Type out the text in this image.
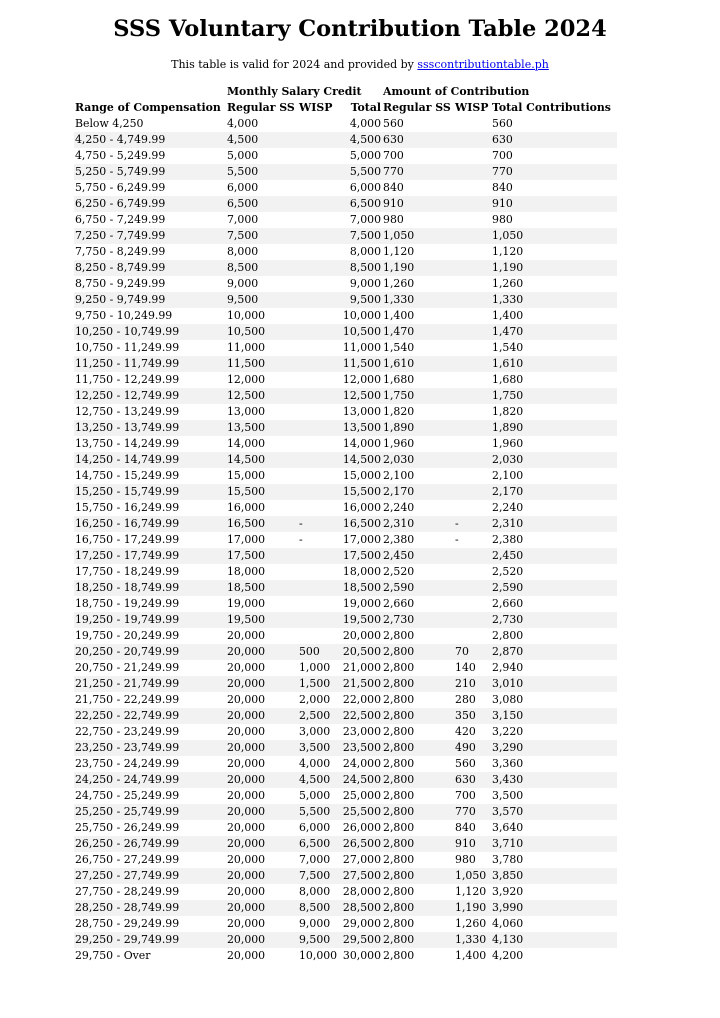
SSS Voluntary Contribution Table 2024
This table is valid for 2024 and provided by ssscontributiontable.ph
	Monthly Salary Credit			Amount of Contribution		
Range of Compensation	Regular SS	WISP	Total	Regular SS	WISP	Total Contributions
Below 4,250	4,000		4,000	560		560
4,250 - 4,749.99	4,500		4,500	630		630
4,750 - 5,249.99	5,000		5,000	700		700
5,250 - 5,749.99	5,500		5,500	770		770
5,750 - 6,249.99	6,000		6,000	840		840
6,250 - 6,749.99	6,500		6,500	910		910
6,750 - 7,249.99	7,000		7,000	980		980
7,250 - 7,749.99	7,500		7,500	1,050		1,050
7,750 - 8,249.99	8,000		8,000	1,120		1,120
8,250 - 8,749.99	8,500		8,500	1,190		1,190
8,750 - 9,249.99	9,000		9,000	1,260		1,260
9,250 - 9,749.99	9,500		9,500	1,330		1,330
9,750 - 10,249.99	10,000		10,000	1,400		1,400
10,250 - 10,749.99	10,500		10,500	1,470		1,470
10,750 - 11,249.99	11,000		11,000	1,540		1,540
11,250 - 11,749.99	11,500		11,500	1,610		1,610
11,750 - 12,249.99	12,000		12,000	1,680		1,680
12,250 - 12,749.99	12,500		12,500	1,750		1,750
12,750 - 13,249.99	13,000		13,000	1,820		1,820
13,250 - 13,749.99	13,500		13,500	1,890		1,890
13,750 - 14,249.99	14,000		14,000	1,960		1,960
14,250 - 14,749.99	14,500		14,500	2,030		2,030
14,750 - 15,249.99	15,000		15,000	2,100		2,100
15,250 - 15,749.99	15,500		15,500	2,170		2,170
15,750 - 16,249.99	16,000		16,000	2,240		2,240
16,250 - 16,749.99	16,500	-	16,500	2,310	-	2,310
16,750 - 17,249.99	17,000	-	17,000	2,380	-	2,380
17,250 - 17,749.99	17,500		17,500	2,450		2,450
17,750 - 18,249.99	18,000		18,000	2,520		2,520
18,250 - 18,749.99	18,500		18,500	2,590		2,590
18,750 - 19,249.99	19,000		19,000	2,660		2,660
19,250 - 19,749.99	19,500		19,500	2,730		2,730
19,750 - 20,249.99	20,000		20,000	2,800		2,800
20,250 - 20,749.99	20,000	500	20,500	2,800	70	2,870
20,750 - 21,249.99	20,000	1,000	21,000	2,800	140	2,940
21,250 - 21,749.99	20,000	1,500	21,500	2,800	210	3,010
21,750 - 22,249.99	20,000	2,000	22,000	2,800	280	3,080
22,250 - 22,749.99	20,000	2,500	22,500	2,800	350	3,150
22,750 - 23,249.99	20,000	3,000	23,000	2,800	420	3,220
23,250 - 23,749.99	20,000	3,500	23,500	2,800	490	3,290
23,750 - 24,249.99	20,000	4,000	24,000	2,800	560	3,360
24,250 - 24,749.99	20,000	4,500	24,500	2,800	630	3,430
24,750 - 25,249.99	20,000	5,000	25,000	2,800	700	3,500
25,250 - 25,749.99	20,000	5,500	25,500	2,800	770	3,570
25,750 - 26,249.99	20,000	6,000	26,000	2,800	840	3,640
26,250 - 26,749.99	20,000	6,500	26,500	2,800	910	3,710
26,750 - 27,249.99	20,000	7,000	27,000	2,800	980	3,780
27,250 - 27,749.99	20,000	7,500	27,500	2,800	1,050	3,850
27,750 - 28,249.99	20,000	8,000	28,000	2,800	1,120	3,920
28,250 - 28,749.99	20,000	8,500	28,500	2,800	1,190	3,990
28,750 - 29,249.99	20,000	9,000	29,000	2,800	1,260	4,060
29,250 - 29,749.99	20,000	9,500	29,500	2,800	1,330	4,130
29,750 - Over	20,000	10,000	30,000	2,800	1,400	4,200
